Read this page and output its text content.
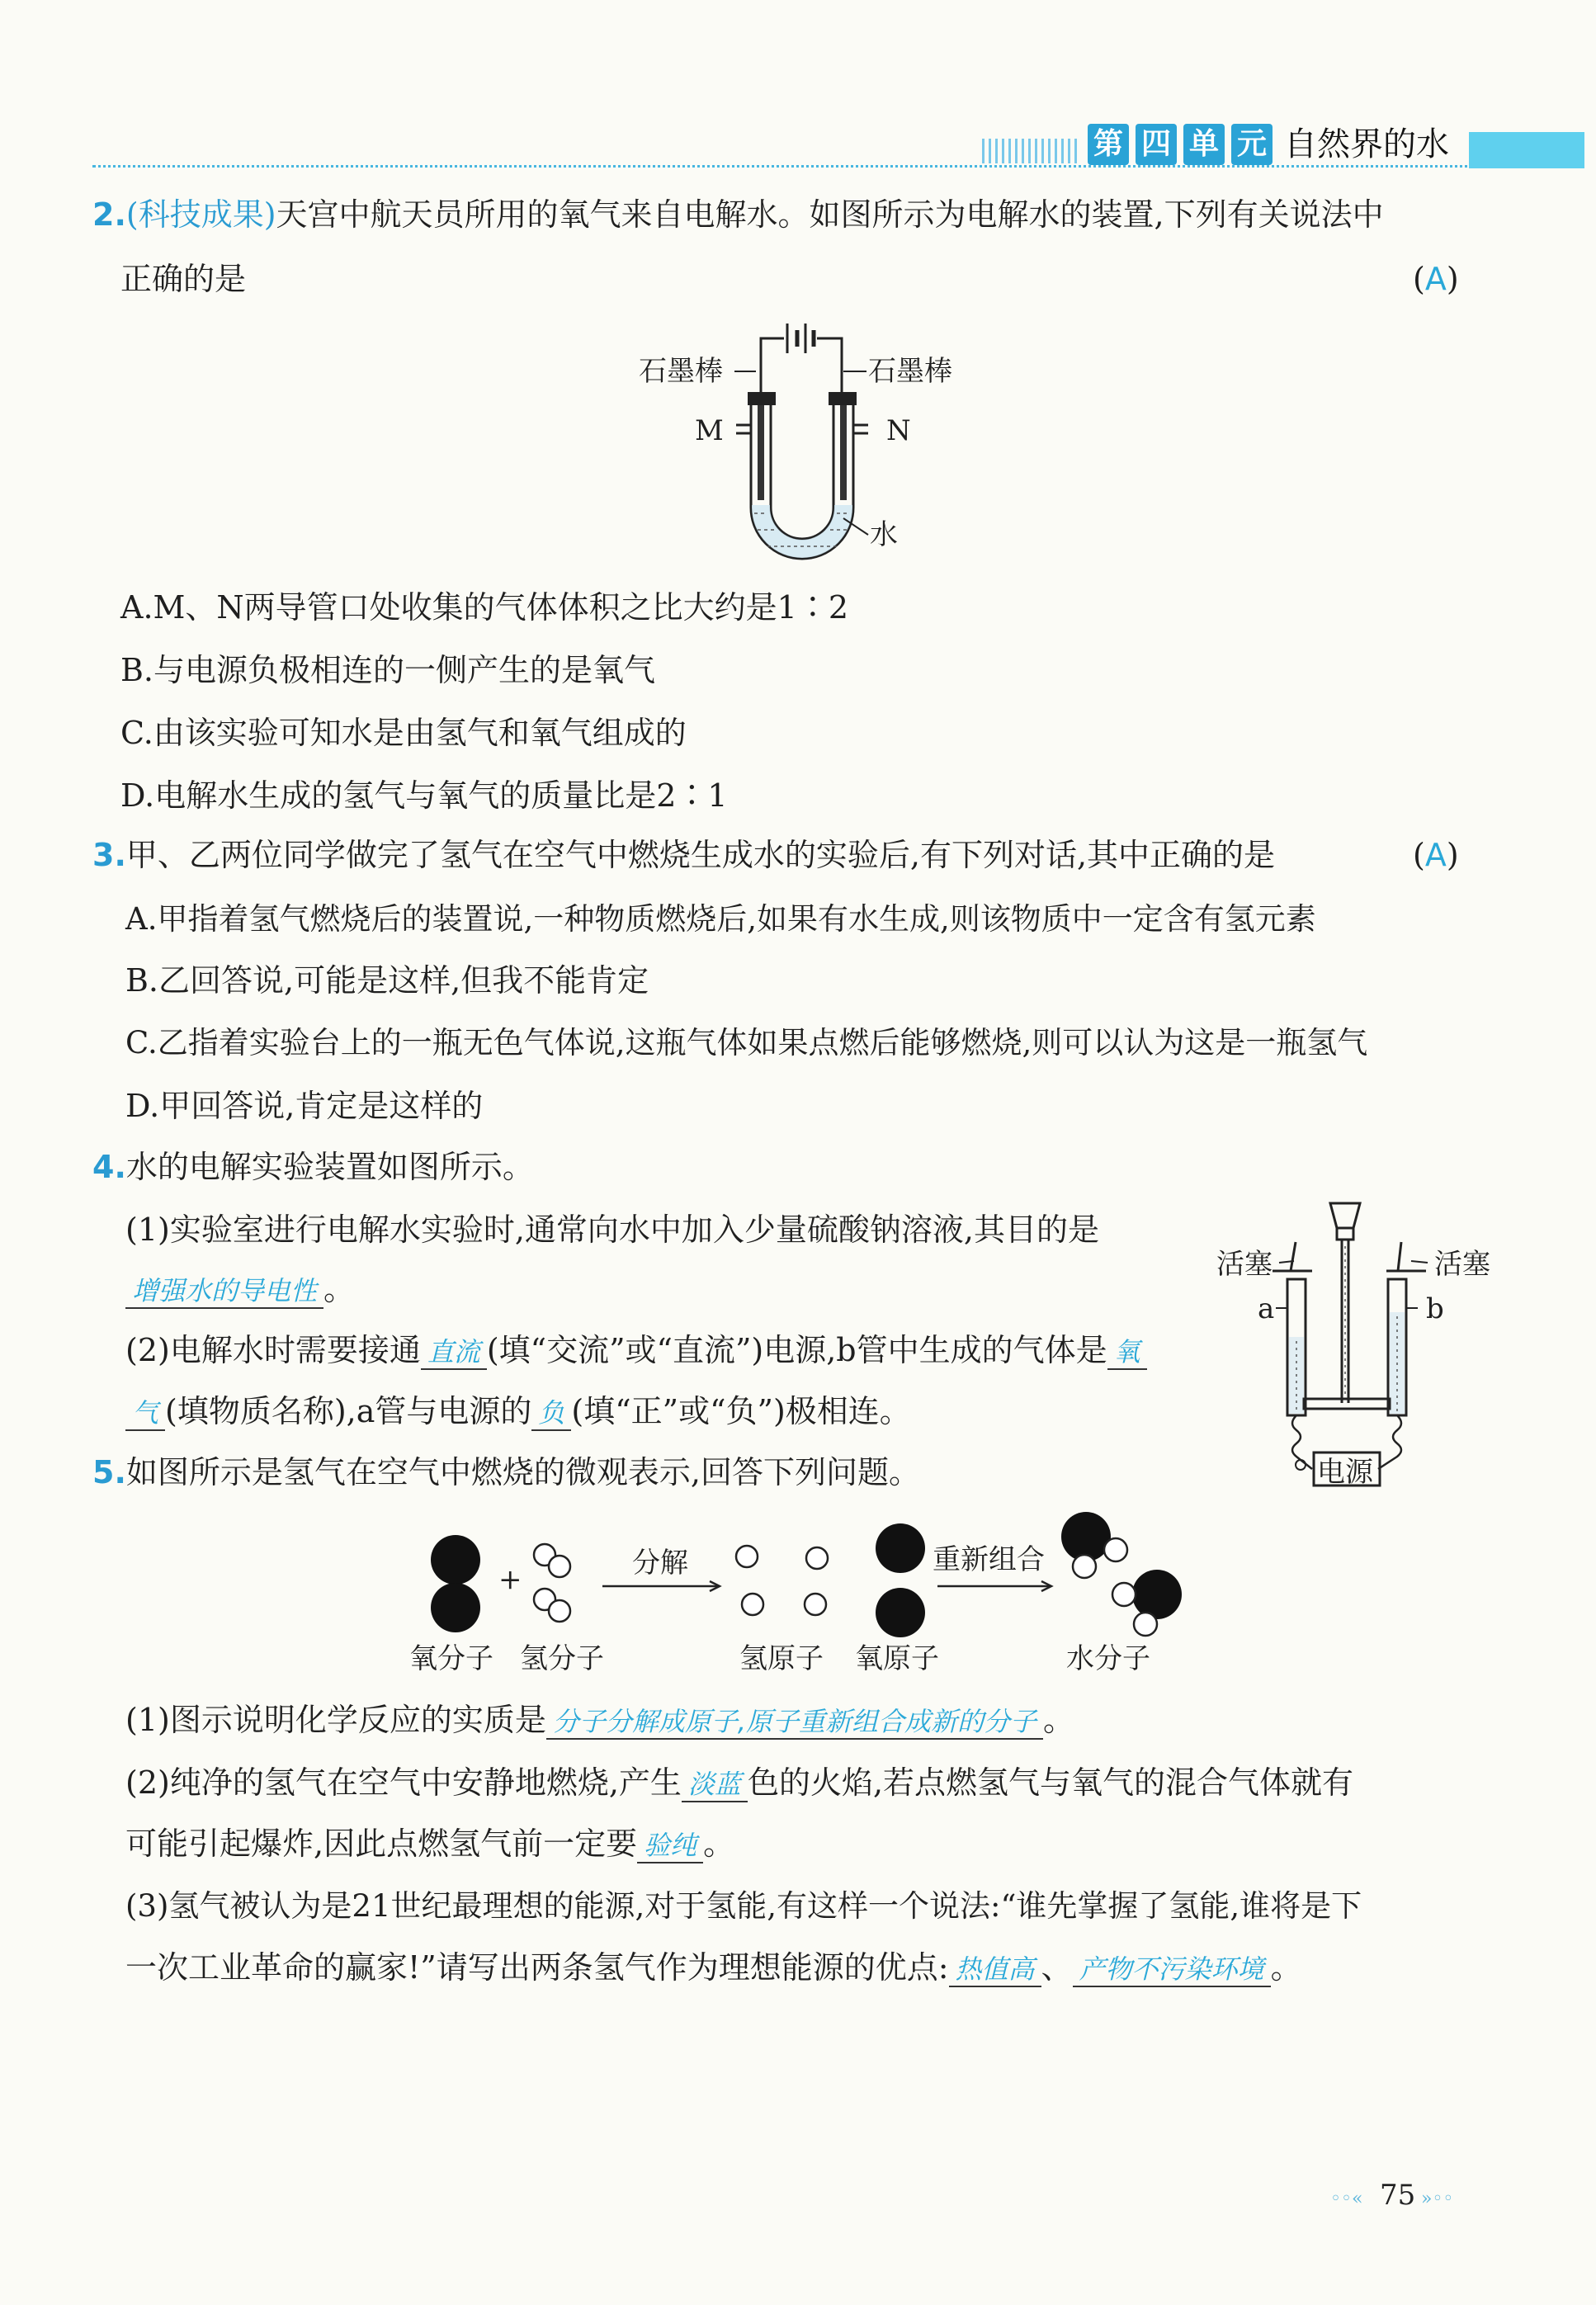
第 四 单 元 自然界的水
2.(科技成果)天宫中航天员所用的氧气来自电解水。如图所示为电解水的装置,下列有关说法中
正确的是	(A)
石墨棒	石墨棒
M	N
水
A.M、N两导管口处收集的气体体积之比大约是1∶2
B.与电源负极相连的一侧产生的是氧气
C.由该实验可知水是由氢气和氧气组成的
D.电解水生成的氢气与氧气的质量比是2∶1
3.甲、乙两位同学做完了氢气在空气中燃烧生成水的实验后,有下列对话,其中正确的是	(A)
A.甲指着氢气燃烧后的装置说,一种物质燃烧后,如果有水生成,则该物质中一定含有氢元素
B.乙回答说,可能是这样,但我不能肯定
C.乙指着实验台上的一瓶无色气体说,这瓶气体如果点燃后能够燃烧,则可以认为这是一瓶氢气
D.甲回答说,肯定是这样的
4.水的电解实验装置如图所示。
(1)实验室进行电解水实验时,通常向水中加入少量硫酸钠溶液,其目的是
增强水的导电性 。
(2)电解水时需要接通 直流 (填“交流”或“直流”)电源,b管中生成的气体是 氧
气 (填物质名称),a管与电源的 负 (填“正”或“负”)极相连。
活塞	活塞
a	b
电源
5.如图所示是氢气在空气中燃烧的微观表示,回答下列问题。
氧分子 氢分子
+	分解
氢原子 氧原子
重新组合
水分子
(1)图示说明化学反应的实质是 分子分解成原子,原子重新组合成新的分子 。
(2)纯净的氢气在空气中安静地燃烧,产生 淡蓝 色的火焰,若点燃氢气与氧气的混合气体就有
可能引起爆炸,因此点燃氢气前一定要 验纯 。
(3)氢气被认为是21世纪最理想的能源,对于氢能,有这样一个说法:“谁先掌握了氢能,谁将是下
一次工业革命的赢家!”请写出两条氢气作为理想能源的优点: 热值高 、 产物不污染环境 。
◦◦« 75 »◦◦
